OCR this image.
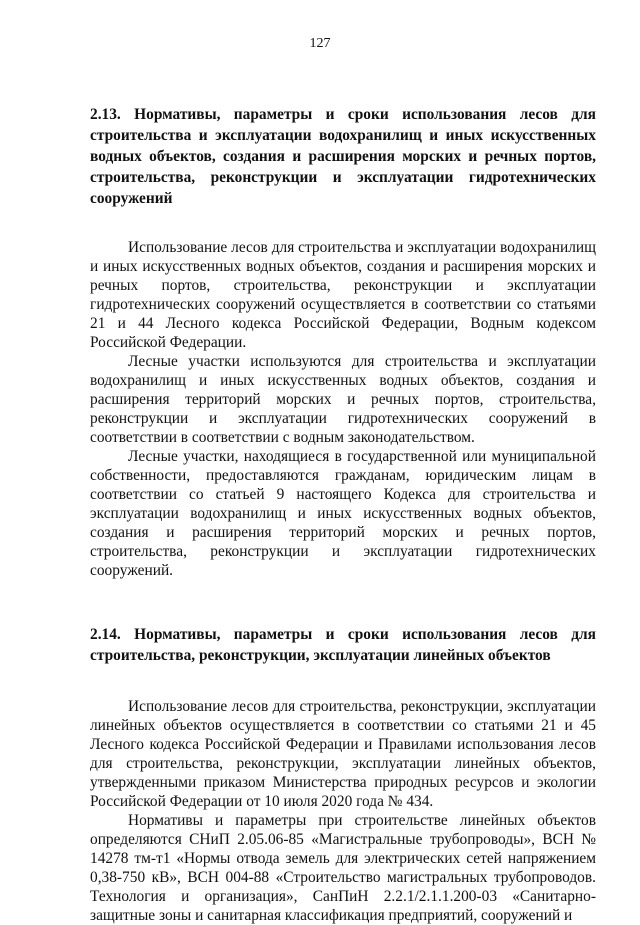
127

2.13. Нормативы, параметры и сроки использования лесов для строительства и эксплуатации водохранилищ и иных искусственных водных объектов, создания и расширения морских и речных портов, строительства, реконструкции и эксплуатации гидротехнических сооружений

Использование лесов для строительства и эксплуатации водохранилищ и иных искусственных водных объектов, создания и расширения морских и речных портов, строительства, реконструкции и эксплуатации гидротехнических сооружений осуществляется в соответствии со статьями 21 и 44 Лесного кодекса Российской Федерации, Водным кодексом Российской Федерации.

Лесные участки используются для строительства и эксплуатации водохранилищ и иных искусственных водных объектов, создания и расширения территорий морских и речных портов, строительства, реконструкции и эксплуатации гидротехнических сооружений в соответствии в соответствии с водным законодательством.

Лесные участки, находящиеся в государственной или муниципальной собственности, предоставляются гражданам, юридическим лицам в соответствии со статьей 9 настоящего Кодекса для строительства и эксплуатации водохранилищ и иных искусственных водных объектов, создания и расширения территорий морских и речных портов, строительства, реконструкции и эксплуатации гидротехнических сооружений.

2.14. Нормативы, параметры и сроки использования лесов для строительства, реконструкции, эксплуатации линейных объектов

Использование лесов для строительства, реконструкции, эксплуатации линейных объектов осуществляется в соответствии со статьями 21 и 45 Лесного кодекса Российской Федерации и Правилами использования лесов для строительства, реконструкции, эксплуатации линейных объектов, утвержденными приказом Министерства природных ресурсов и экологии Российской Федерации от 10 июля 2020 года № 434.

Нормативы и параметры при строительстве линейных объектов определяются СНиП 2.05.06-85 «Магистральные трубопроводы», ВСН № 14278 тм-т1 «Нормы отвода земель для электрических сетей напряжением 0,38-750 кВ», ВСН 004-88 «Строительство магистральных трубопроводов. Технология и организация», СанПиН 2.2.1/2.1.1.200-03 «Санитарно-защитные зоны и санитарная классификация предприятий, сооружений и
